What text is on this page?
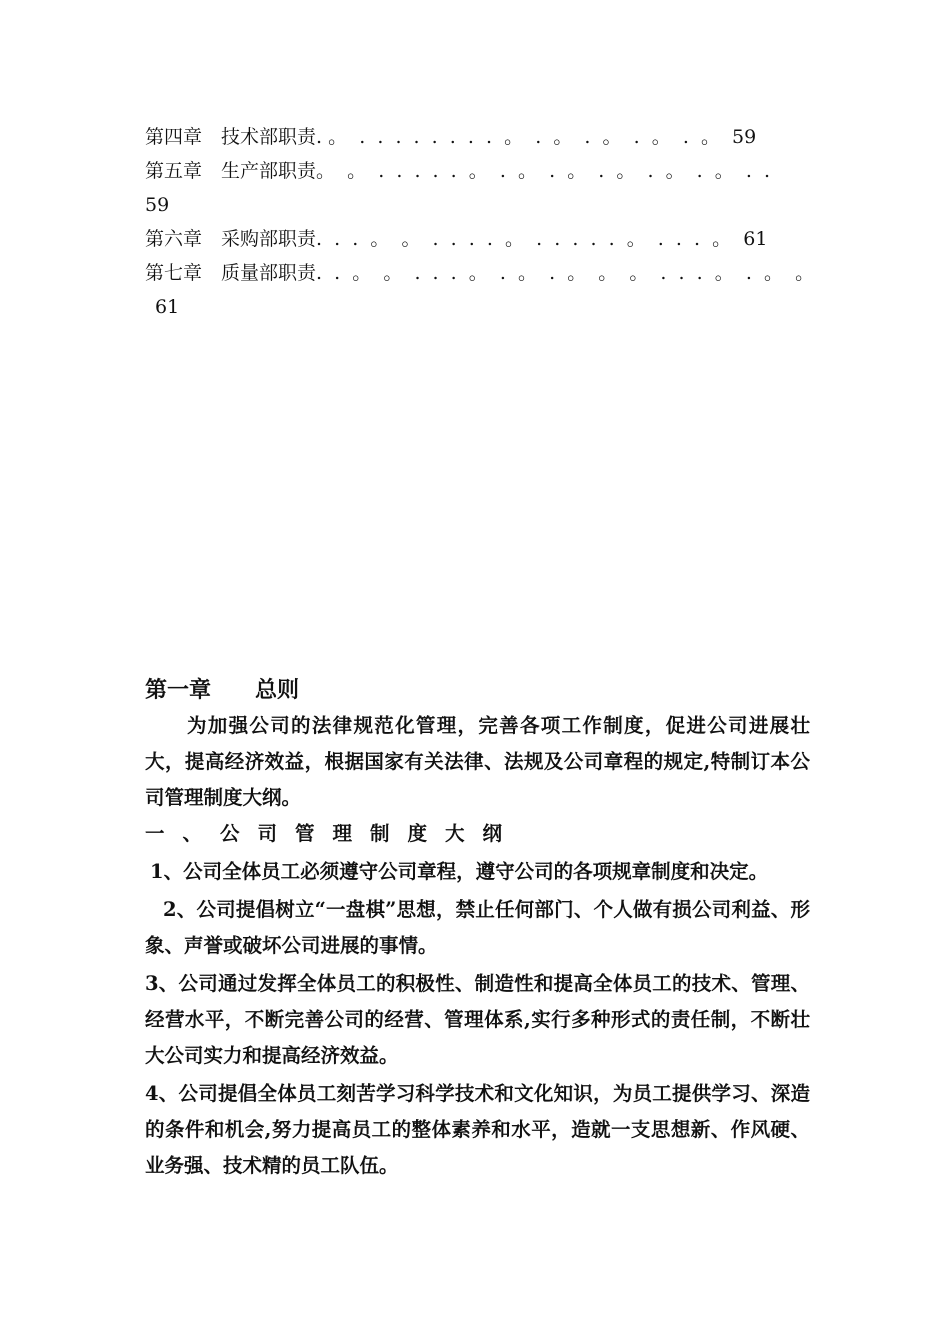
第四章　 技术部职责. 。  .  .  .  .  .  .  .  .  。  .  。  .  。  .  。  .  。  59
第五章　 生产部职责。  。  .  .  .  .  .  。  .  。  .  。  .  。  .  。  .  。  .  .
59
第六章　 采购部职责.  .  .  。  。  .  .  .  .  。  .  .  .  .  .  。  .  .  .  。  61
第七章　 质量部职责.  .  。  。  .  .  .  。  .  。  .  。  。  。  .  .  .  。  .  。  。
61
第一章 总则

为加强公司的法律规范化管理，完善各项工作制度，促进公司进展壮大，提高经济效益，根据国家有关法律、法规及公司章程的规定,特制订本公司管理制度大纲。

一、公司管理制度大纲

1、公司全体员工必须遵守公司章程，遵守公司的各项规章制度和决定。

2、公司提倡树立“一盘棋”思想，禁止任何部门、个人做有损公司利益、形象、声誉或破坏公司进展的事情。

3、公司通过发挥全体员工的积极性、制造性和提高全体员工的技术、管理、经营水平，不断完善公司的经营、管理体系,实行多种形式的责任制，不断壮大公司实力和提高经济效益。

4、公司提倡全体员工刻苦学习科学技术和文化知识，为员工提供学习、深造的条件和机会,努力提高员工的整体素养和水平，造就一支思想新、作风硬、业务强、技术精的员工队伍。
